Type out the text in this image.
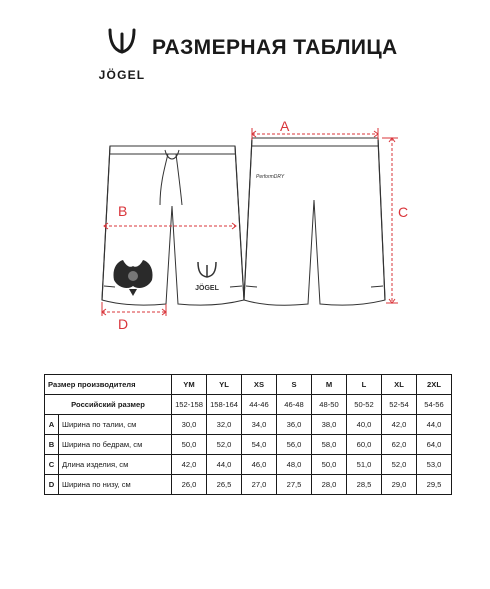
JÖGEL
РАЗМЕРНАЯ ТАБЛИЦА
JÖGEL
PerformDRY
A
B	C
D
Размер производителя		YM	YL	XS	S	M	L	XL	2XL
Российский размер		152-158	158-164	44-46	46-48	48-50	50-52	52-54	54-56
A	Ширина по талии, см	30,0	32,0	34,0	36,0	38,0	40,0	42,0	44,0
B	Ширина по бедрам, см	50,0	52,0	54,0	56,0	58,0	60,0	62,0	64,0
C	Длина изделия, см	42,0	44,0	46,0	48,0	50,0	51,0	52,0	53,0
D	Ширина по низу, см	26,0	26,5	27,0	27,5	28,0	28,5	29,0	29,5
